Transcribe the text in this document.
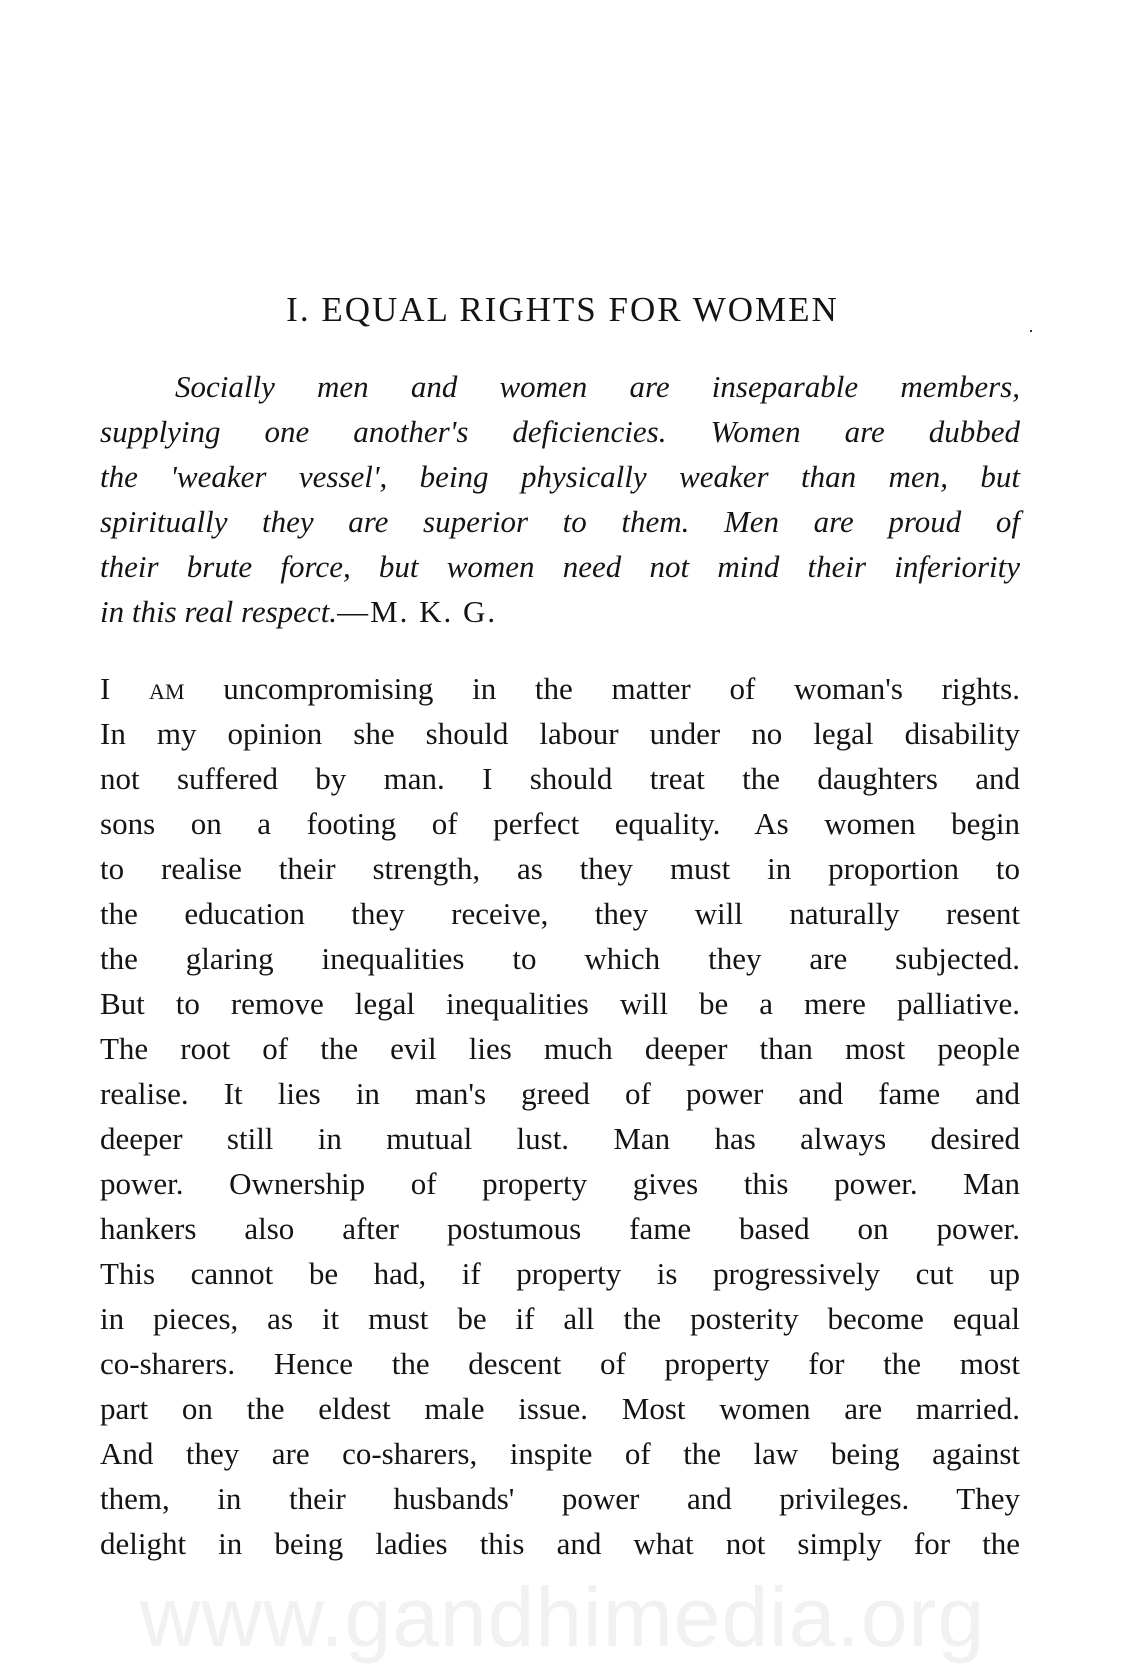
I. EQUAL RIGHTS FOR WOMEN
Socially men and women are inseparable members,
supplying one another's deficiencies. Women are dubbed
the 'weaker vessel', being physically weaker than men, but
spiritually they are superior to them. Men are proud of
their brute force, but women need not mind their inferiority
in this real respect.—M. K. G.
I am uncompromising in the matter of woman's rights.
In my opinion she should labour under no legal disability
not suffered by man. I should treat the daughters and
sons on a footing of perfect equality. As women begin
to realise their strength, as they must in proportion to
the education they receive, they will naturally resent
the glaring inequalities to which they are subjected.
But to remove legal inequalities will be a mere palliative.
The root of the evil lies much deeper than most people
realise. It lies in man's greed of power and fame and
deeper still in mutual lust. Man has always desired
power. Ownership of property gives this power. Man
hankers also after postumous fame based on power.
This cannot be had, if property is progressively cut up
in pieces, as it must be if all the posterity become equal
co-sharers. Hence the descent of property for the most
part on the eldest male issue. Most women are married.
And they are co-sharers, inspite of the law being against
them, in their husbands' power and privileges. They
delight in being ladies this and what not simply for the
www.gandhimedia.org
